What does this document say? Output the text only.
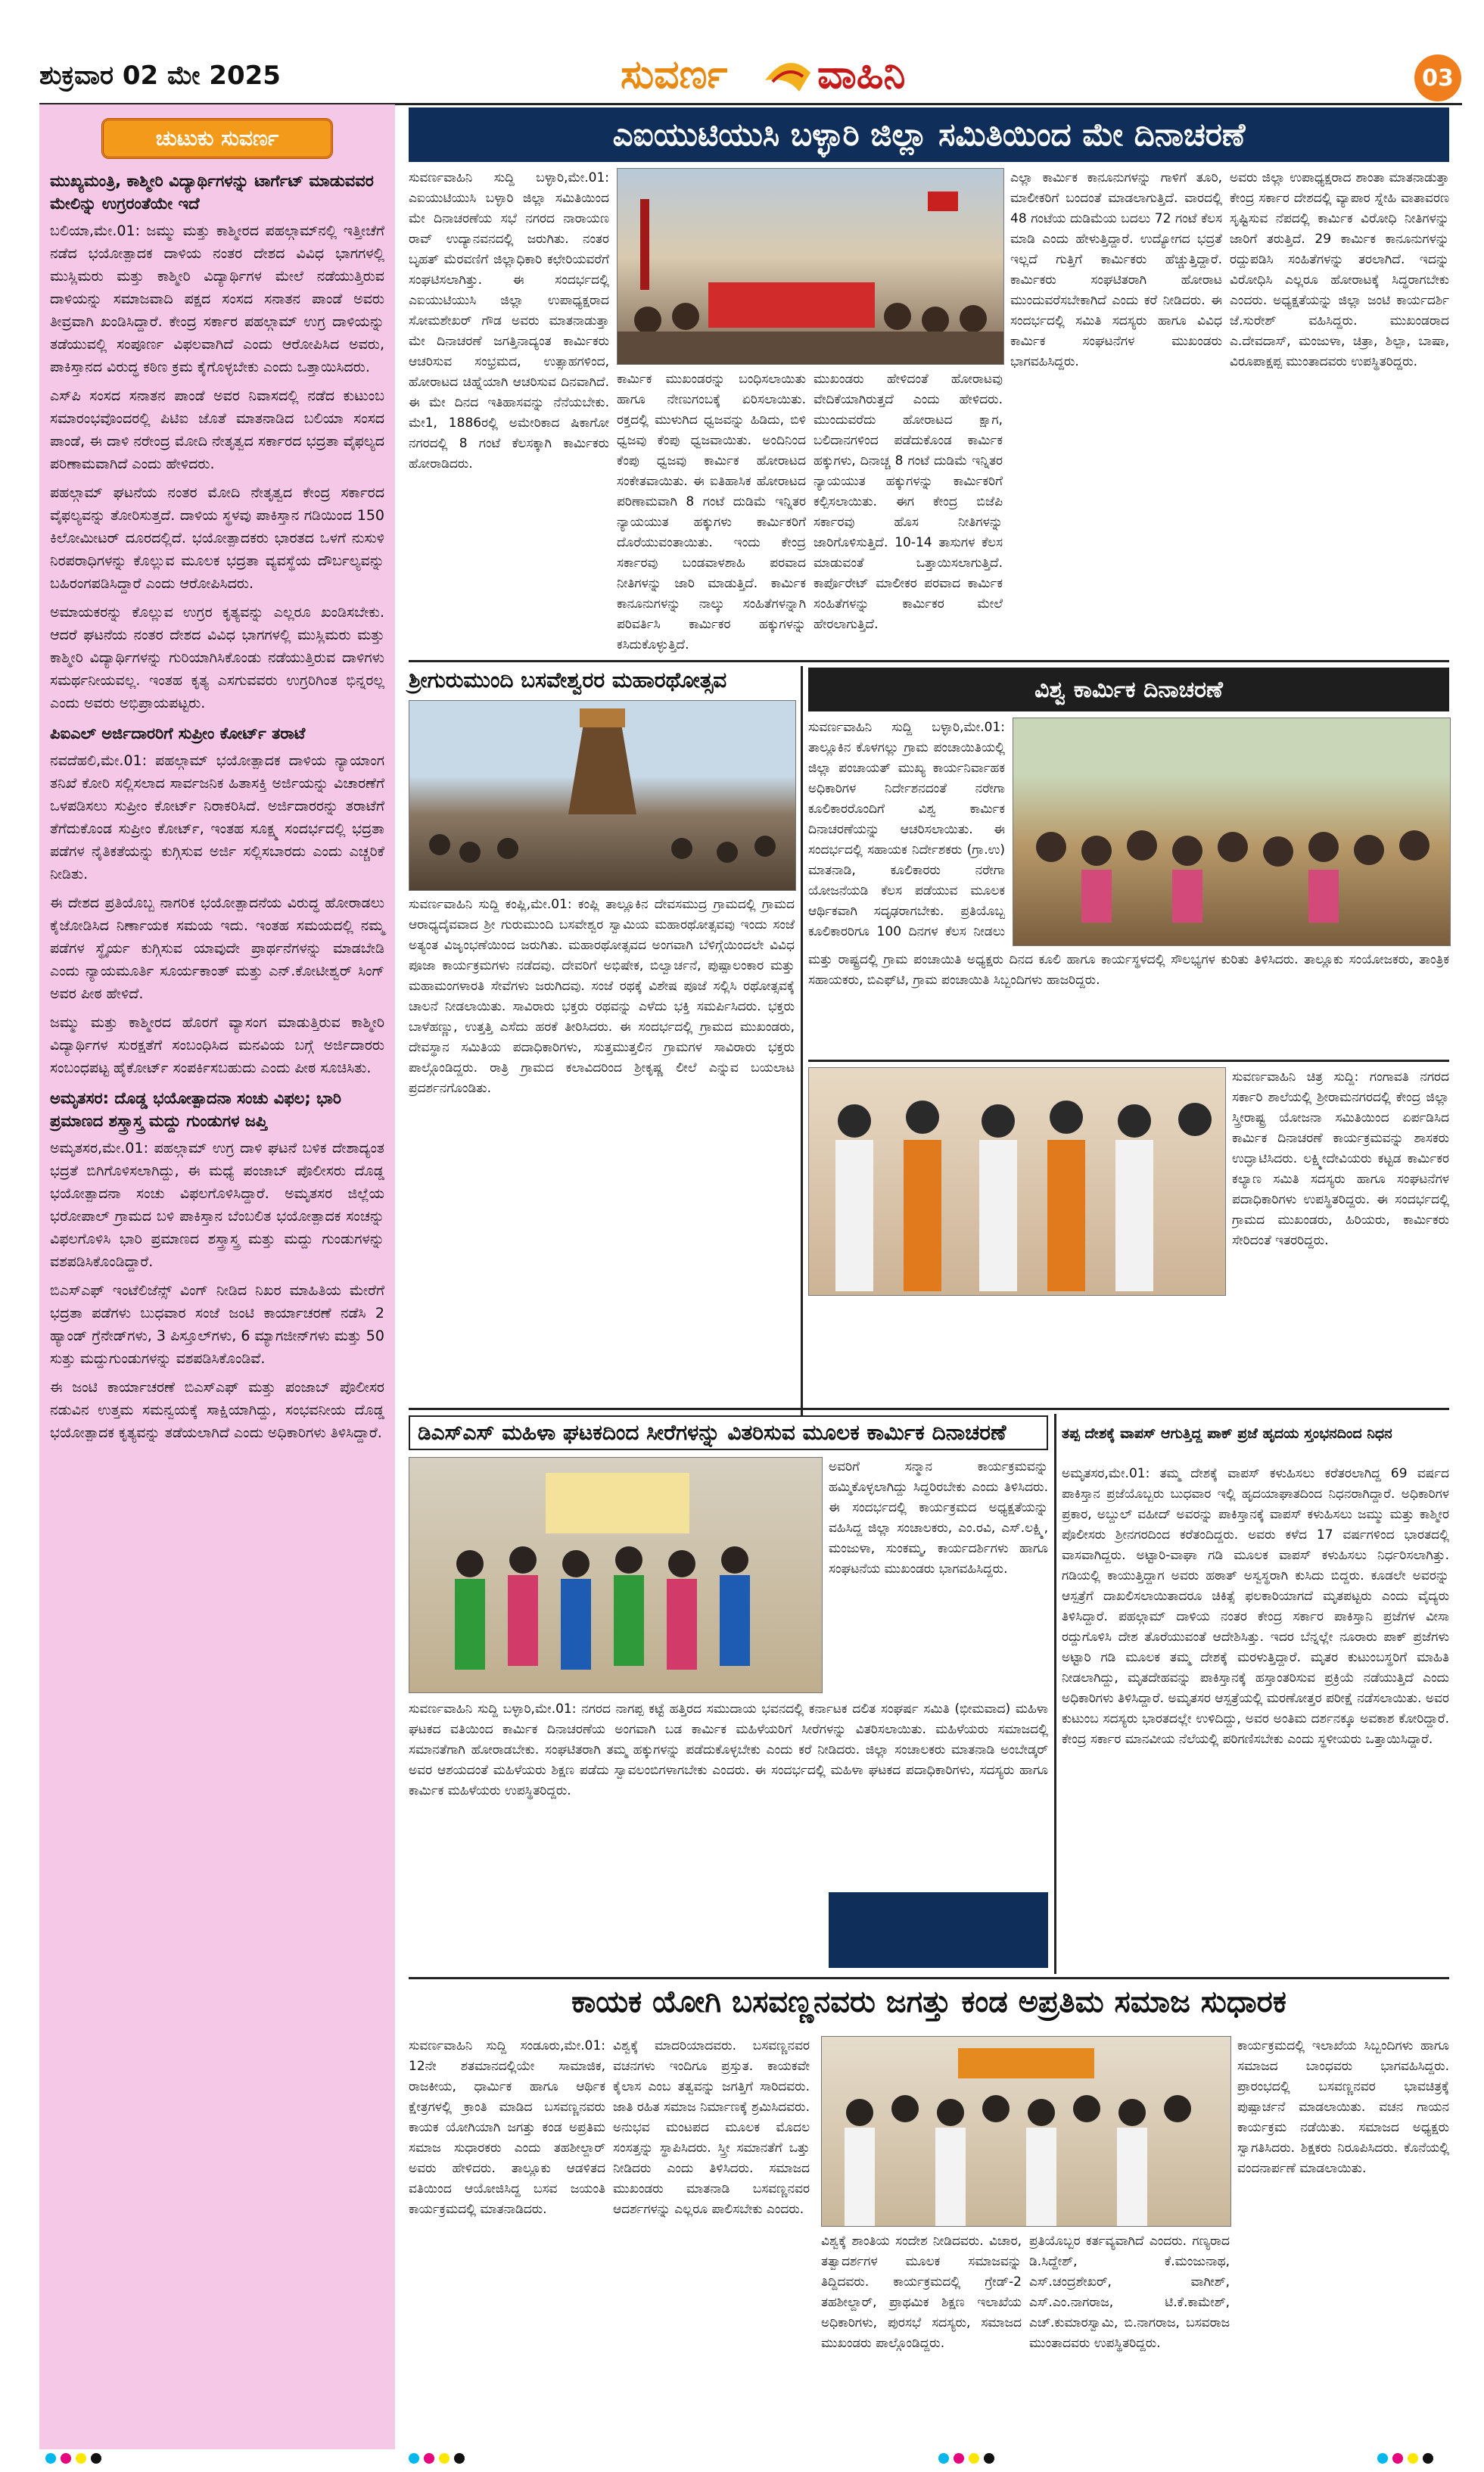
ಶುಕ್ರವಾರ 02 ಮೇ 2025	ಸುವರ್ಣ ವಾಹಿನಿ	03
ಚುಟುಕು ಸುವರ್ಣ
ಮುಖ್ಯಮಂತ್ರಿ, ಕಾಶ್ಮೀರಿ ವಿದ್ಯಾರ್ಥಿಗಳನ್ನು ಟಾರ್ಗೆಟ್ ಮಾಡುವವರ ಮೇಲಿನ್ನು ಉಗ್ರರಂತೆಯೇ ಇದೆ

ಬಲಿಯಾ,ಮೇ.01: ಜಮ್ಮು ಮತ್ತು ಕಾಶ್ಮೀರದ ಪಹಲ್ಗಾಮ್‌ನಲ್ಲಿ ಇತ್ತೀಚೆಗೆ ನಡೆದ ಭಯೋತ್ಪಾದಕ ದಾಳಿಯ ನಂತರ ದೇಶದ ವಿವಿಧ ಭಾಗಗಳಲ್ಲಿ ಮುಸ್ಲಿಮರು ಮತ್ತು ಕಾಶ್ಮೀರಿ ವಿದ್ಯಾರ್ಥಿಗಳ ಮೇಲೆ ನಡೆಯುತ್ತಿರುವ ದಾಳಿಯನ್ನು ಸಮಾಜವಾದಿ ಪಕ್ಷದ ಸಂಸದ ಸನಾತನ ಪಾಂಡೆ ಅವರು ತೀವ್ರವಾಗಿ ಖಂಡಿಸಿದ್ದಾರೆ. ಕೇಂದ್ರ ಸರ್ಕಾರ ಪಹಲ್ಗಾಮ್ ಉಗ್ರ ದಾಳಿಯನ್ನು ತಡೆಯುವಲ್ಲಿ ಸಂಪೂರ್ಣ ವಿಫಲವಾಗಿದೆ ಎಂದು ಆರೋಪಿಸಿದ ಅವರು, ಪಾಕಿಸ್ತಾನದ ವಿರುದ್ಧ ಕಠಿಣ ಕ್ರಮ ಕೈಗೊಳ್ಳಬೇಕು ಎಂದು ಒತ್ತಾಯಿಸಿದರು.

ಎಸ್‌ಪಿ ಸಂಸದ ಸನಾತನ ಪಾಂಡೆ ಅವರ ನಿವಾಸದಲ್ಲಿ ನಡೆದ ಕುಟುಂಬ ಸಮಾರಂಭವೊಂದರಲ್ಲಿ ಪಿಟಿಐ ಜೊತೆ ಮಾತನಾಡಿದ ಬಲಿಯಾ ಸಂಸದ ಪಾಂಡೆ, ಈ ದಾಳಿ ನರೇಂದ್ರ ಮೋದಿ ನೇತೃತ್ವದ ಸರ್ಕಾರದ ಭದ್ರತಾ ವೈಫಲ್ಯದ ಪರಿಣಾಮವಾಗಿದೆ ಎಂದು ಹೇಳಿದರು.

ಪಹಲ್ಗಾಮ್ ಘಟನೆಯ ನಂತರ ಮೋದಿ ನೇತೃತ್ವದ ಕೇಂದ್ರ ಸರ್ಕಾರದ ವೈಫಲ್ಯವನ್ನು ತೋರಿಸುತ್ತದೆ. ದಾಳಿಯ ಸ್ಥಳವು ಪಾಕಿಸ್ತಾನ ಗಡಿಯಿಂದ 150 ಕಿಲೋಮೀಟರ್ ದೂರದಲ್ಲಿದೆ. ಭಯೋತ್ಪಾದಕರು ಭಾರತದ ಒಳಗೆ ನುಸುಳಿ ನಿರಪರಾಧಿಗಳನ್ನು ಕೊಲ್ಲುವ ಮೂಲಕ ಭದ್ರತಾ ವ್ಯವಸ್ಥೆಯ ದೌರ್ಬಲ್ಯವನ್ನು ಬಹಿರಂಗಪಡಿಸಿದ್ದಾರೆ ಎಂದು ಆರೋಪಿಸಿದರು.

ಅಮಾಯಕರನ್ನು ಕೊಲ್ಲುವ ಉಗ್ರರ ಕೃತ್ಯವನ್ನು ಎಲ್ಲರೂ ಖಂಡಿಸಬೇಕು. ಆದರೆ ಘಟನೆಯ ನಂತರ ದೇಶದ ವಿವಿಧ ಭಾಗಗಳಲ್ಲಿ ಮುಸ್ಲಿಮರು ಮತ್ತು ಕಾಶ್ಮೀರಿ ವಿದ್ಯಾರ್ಥಿಗಳನ್ನು ಗುರಿಯಾಗಿಸಿಕೊಂಡು ನಡೆಯುತ್ತಿರುವ ದಾಳಿಗಳು ಸಮರ್ಥನೀಯವಲ್ಲ. ಇಂತಹ ಕೃತ್ಯ ಎಸಗುವವರು ಉಗ್ರರಿಗಿಂತ ಭಿನ್ನರಲ್ಲ ಎಂದು ಅವರು ಅಭಿಪ್ರಾಯಪಟ್ಟರು.

ಪಿಐಎಲ್ ಅರ್ಜಿದಾರರಿಗೆ ಸುಪ್ರೀಂ ಕೋರ್ಟ್ ತರಾಟೆ

ನವದೆಹಲಿ,ಮೇ.01: ಪಹಲ್ಗಾಮ್ ಭಯೋತ್ಪಾದಕ ದಾಳಿಯ ನ್ಯಾಯಾಂಗ ತನಿಖೆ ಕೋರಿ ಸಲ್ಲಿಸಲಾದ ಸಾರ್ವಜನಿಕ ಹಿತಾಸಕ್ತಿ ಅರ್ಜಿಯನ್ನು ವಿಚಾರಣೆಗೆ ಒಳಪಡಿಸಲು ಸುಪ್ರೀಂ ಕೋರ್ಟ್ ನಿರಾಕರಿಸಿದೆ. ಅರ್ಜಿದಾರರನ್ನು ತರಾಟೆಗೆ ತೆಗೆದುಕೊಂಡ ಸುಪ್ರೀಂ ಕೋರ್ಟ್, ಇಂತಹ ಸೂಕ್ಷ್ಮ ಸಂದರ್ಭದಲ್ಲಿ ಭದ್ರತಾ ಪಡೆಗಳ ನೈತಿಕತೆಯನ್ನು ಕುಗ್ಗಿಸುವ ಅರ್ಜಿ ಸಲ್ಲಿಸಬಾರದು ಎಂದು ಎಚ್ಚರಿಕೆ ನೀಡಿತು.

ಈ ದೇಶದ ಪ್ರತಿಯೊಬ್ಬ ನಾಗರಿಕ ಭಯೋತ್ಪಾದನೆಯ ವಿರುದ್ಧ ಹೋರಾಡಲು ಕೈಜೋಡಿಸಿದ ನಿರ್ಣಾಯಕ ಸಮಯ ಇದು. ಇಂತಹ ಸಮಯದಲ್ಲಿ ನಮ್ಮ ಪಡೆಗಳ ಸ್ಥೈರ್ಯ ಕುಗ್ಗಿಸುವ ಯಾವುದೇ ಪ್ರಾರ್ಥನೆಗಳನ್ನು ಮಾಡಬೇಡಿ ಎಂದು ನ್ಯಾಯಮೂರ್ತಿ ಸೂರ್ಯಕಾಂತ್ ಮತ್ತು ಎನ್.ಕೋಟೀಶ್ವರ್ ಸಿಂಗ್ ಅವರ ಪೀಠ ಹೇಳಿದೆ.

ಜಮ್ಮು ಮತ್ತು ಕಾಶ್ಮೀರದ ಹೊರಗೆ ವ್ಯಾಸಂಗ ಮಾಡುತ್ತಿರುವ ಕಾಶ್ಮೀರಿ ವಿದ್ಯಾರ್ಥಿಗಳ ಸುರಕ್ಷತೆಗೆ ಸಂಬಂಧಿಸಿದ ಮನವಿಯ ಬಗ್ಗೆ ಅರ್ಜಿದಾರರು ಸಂಬಂಧಪಟ್ಟ ಹೈಕೋರ್ಟ್ ಸಂಪರ್ಕಿಸಬಹುದು ಎಂದು ಪೀಠ ಸೂಚಿಸಿತು.

ಅಮೃತಸರ: ದೊಡ್ಡ ಭಯೋತ್ಪಾದನಾ ಸಂಚು ವಿಫಲ; ಭಾರಿ ಪ್ರಮಾಣದ ಶಸ್ತ್ರಾಸ್ತ್ರ ಮದ್ದು ಗುಂಡುಗಳ ಜಪ್ತಿ

ಅಮೃತಸರ,ಮೇ.01: ಪಹಲ್ಗಾಮ್ ಉಗ್ರ ದಾಳಿ ಘಟನೆ ಬಳಿಕ ದೇಶಾದ್ಯಂತ ಭದ್ರತೆ ಬಿಗಿಗೊಳಿಸಲಾಗಿದ್ದು, ಈ ಮಧ್ಯೆ ಪಂಜಾಬ್ ಪೊಲೀಸರು ದೊಡ್ಡ ಭಯೋತ್ಪಾದನಾ ಸಂಚು ವಿಫಲಗೊಳಿಸಿದ್ದಾರೆ. ಅಮೃತಸರ ಜಿಲ್ಲೆಯ ಭರೋಪಾಲ್ ಗ್ರಾಮದ ಬಳಿ ಪಾಕಿಸ್ತಾನ ಬೆಂಬಲಿತ ಭಯೋತ್ಪಾದಕ ಸಂಚನ್ನು ವಿಫಲಗೊಳಿಸಿ ಭಾರಿ ಪ್ರಮಾಣದ ಶಸ್ತ್ರಾಸ್ತ್ರ ಮತ್ತು ಮದ್ದು ಗುಂಡುಗಳನ್ನು ವಶಪಡಿಸಿಕೊಂಡಿದ್ದಾರೆ.

ಬಿಎಸ್‌ಎಫ್ ಇಂಟೆಲಿಜೆನ್ಸ್ ವಿಂಗ್ ನೀಡಿದ ನಿಖರ ಮಾಹಿತಿಯ ಮೇರೆಗೆ ಭದ್ರತಾ ಪಡೆಗಳು ಬುಧವಾರ ಸಂಜೆ ಜಂಟಿ ಕಾರ್ಯಾಚರಣೆ ನಡೆಸಿ 2 ಹ್ಯಾಂಡ್ ಗ್ರೆನೇಡ್‌ಗಳು, 3 ಪಿಸ್ತೂಲ್‌ಗಳು, 6 ಮ್ಯಾಗಜೀನ್‌ಗಳು ಮತ್ತು 50 ಸುತ್ತು ಮದ್ದುಗುಂಡುಗಳನ್ನು ವಶಪಡಿಸಿಕೊಂಡಿವೆ.

ಈ ಜಂಟಿ ಕಾರ್ಯಾಚರಣೆ ಬಿಎಸ್‌ಎಫ್ ಮತ್ತು ಪಂಜಾಬ್ ಪೊಲೀಸರ ನಡುವಿನ ಉತ್ತಮ ಸಮನ್ವಯಕ್ಕೆ ಸಾಕ್ಷಿಯಾಗಿದ್ದು, ಸಂಭವನೀಯ ದೊಡ್ಡ ಭಯೋತ್ಪಾದಕ ಕೃತ್ಯವನ್ನು ತಡೆಯಲಾಗಿದೆ ಎಂದು ಅಧಿಕಾರಿಗಳು ತಿಳಿಸಿದ್ದಾರೆ.

ಎಐಯುಟಿಯುಸಿ ಬಳ್ಳಾರಿ ಜಿಲ್ಲಾ ಸಮಿತಿಯಿಂದ ಮೇ ದಿನಾಚರಣೆ
ಸುವರ್ಣವಾಹಿನಿ ಸುದ್ದಿ ಬಳ್ಳಾರಿ,ಮೇ.01: ಎಐಯುಟಿಯುಸಿ ಬಳ್ಳಾರಿ ಜಿಲ್ಲಾ ಸಮಿತಿಯಿಂದ ಮೇ ದಿನಾಚರಣೆಯ ಸಭೆ ನಗರದ ನಾರಾಯಣ ರಾವ್ ಉದ್ಯಾನವನದಲ್ಲಿ ಜರುಗಿತು. ನಂತರ ಬೃಹತ್ ಮೆರವಣಿಗೆ ಜಿಲ್ಲಾಧಿಕಾರಿ ಕಛೇರಿಯವರೆಗೆ ಸಂಘಟಿಸಲಾಗಿತ್ತು. ಈ ಸಂದರ್ಭದಲ್ಲಿ ಎಐಯುಟಿಯುಸಿ ಜಿಲ್ಲಾ ಉಪಾಧ್ಯಕ್ಷರಾದ ಸೋಮಶೇಖರ್ ಗೌಡ ಅವರು ಮಾತನಾಡುತ್ತಾ ಮೇ ದಿನಾಚರಣೆ ಜಗತ್ತಿನಾದ್ಯಂತ ಕಾರ್ಮಿಕರು ಆಚರಿಸುವ ಸಂಭ್ರಮದ, ಉತ್ಸಾಹಗಳಿಂದ, ಹೋರಾಟದ ಚಿಹ್ನೆಯಾಗಿ ಆಚರಿಸುವ ದಿನವಾಗಿದೆ. ಈ ಮೇ ದಿನದ ಇತಿಹಾಸವನ್ನು ನೆನೆಯಬೇಕು. ಮೇ1, 1886ರಲ್ಲಿ ಅಮೇರಿಕಾದ ಷಿಕಾಗೋ ನಗರದಲ್ಲಿ 8 ಗಂಟೆ ಕೆಲಸಕ್ಕಾಗಿ ಕಾರ್ಮಿಕರು ಹೋರಾಡಿದರು.
ಕಾರ್ಮಿಕ ಮುಖಂಡರನ್ನು ಬಂಧಿಸಲಾಯಿತು ಹಾಗೂ ನೇಣುಗಂಬಕ್ಕೆ ಏರಿಸಲಾಯಿತು. ರಕ್ತದಲ್ಲಿ ಮುಳುಗಿದ ಧ್ವಜವನ್ನು ಹಿಡಿದು, ಬಿಳಿ ಧ್ವಜವು ಕೆಂಪು ಧ್ವಜವಾಯಿತು. ಅಂದಿನಿಂದ ಕೆಂಪು ಧ್ವಜವು ಕಾರ್ಮಿಕ ಹೋರಾಟದ ಸಂಕೇತವಾಯಿತು. ಈ ಐತಿಹಾಸಿಕ ಹೋರಾಟದ ಪರಿಣಾಮವಾಗಿ 8 ಗಂಟೆ ದುಡಿಮೆ ಇನ್ನಿತರ ನ್ಯಾಯಯುತ ಹಕ್ಕುಗಳು ಕಾರ್ಮಿಕರಿಗೆ ದೊರೆಯುವಂತಾಯಿತು. ಇಂದು ಕೇಂದ್ರ ಸರ್ಕಾರವು ಬಂಡವಾಳಶಾಹಿ ಪರವಾದ ನೀತಿಗಳನ್ನು ಜಾರಿ ಮಾಡುತ್ತಿದೆ. ಕಾರ್ಮಿಕ ಕಾನೂನುಗಳನ್ನು ನಾಲ್ಕು ಸಂಹಿತೆಗಳನ್ನಾಗಿ ಪರಿವರ್ತಿಸಿ ಕಾರ್ಮಿಕರ ಹಕ್ಕುಗಳನ್ನು ಕಸಿದುಕೊಳ್ಳುತ್ತಿದೆ.
ಮುಖಂಡರು ಹೇಳಿದಂತೆ ಹೋರಾಟವು ವೇದಿಕೆಯಾಗಿರುತ್ತದೆ ಎಂದು ಹೇಳಿದರು. ಮುಂದುವರೆದು ಹೋರಾಟದ ಕ್ಷಾಗ, ಬಲಿದಾನಗಳಿಂದ ಪಡೆದುಕೊಂಡ ಕಾರ್ಮಿಕ ಹಕ್ಕುಗಳು, ದಿನಾಚ್ಚ 8 ಗಂಟೆ ದುಡಿಮೆ ಇನ್ನಿತರ ನ್ಯಾಯಯುತ ಹಕ್ಕುಗಳನ್ನು ಕಾರ್ಮಿಕರಿಗೆ ಕಲ್ಪಿಸಲಾಯಿತು. ಈಗ ಕೇಂದ್ರ ಬಿಜೆಪಿ ಸರ್ಕಾರವು ಹೊಸ ನೀತಿಗಳನ್ನು ಜಾರಿಗೊಳಿಸುತ್ತಿದೆ. 10-14 ತಾಸುಗಳ ಕೆಲಸ ಮಾಡುವಂತೆ ಒತ್ತಾಯಿಸಲಾಗುತ್ತಿದೆ. ಕಾರ್ಪೊರೇಟ್ ಮಾಲೀಕರ ಪರವಾದ ಕಾರ್ಮಿಕ ಸಂಹಿತೆಗಳನ್ನು ಕಾರ್ಮಿಕರ ಮೇಲೆ ಹೇರಲಾಗುತ್ತಿದೆ.
ಎಲ್ಲಾ ಕಾರ್ಮಿಕ ಕಾನೂನುಗಳನ್ನು ಗಾಳಿಗೆ ತೂರಿ, ಮಾಲೀಕರಿಗೆ ಬಂದಂತೆ ಮಾಡಲಾಗುತ್ತಿದೆ. ವಾರದಲ್ಲಿ 48 ಗಂಟೆಯ ದುಡಿಮೆಯ ಬದಲು 72 ಗಂಟೆ ಕೆಲಸ ಮಾಡಿ ಎಂದು ಹೇಳುತ್ತಿದ್ದಾರೆ. ಉದ್ಯೋಗದ ಭದ್ರತೆ ಇಲ್ಲದೆ ಗುತ್ತಿಗೆ ಕಾರ್ಮಿಕರು ಹೆಚ್ಚುತ್ತಿದ್ದಾರೆ. ಕಾರ್ಮಿಕರು ಸಂಘಟಿತರಾಗಿ ಹೋರಾಟ ಮುಂದುವರೆಸಬೇಕಾಗಿದೆ ಎಂದು ಕರೆ ನೀಡಿದರು. ಈ ಸಂದರ್ಭದಲ್ಲಿ ಸಮಿತಿ ಸದಸ್ಯರು ಹಾಗೂ ವಿವಿಧ ಕಾರ್ಮಿಕ ಸಂಘಟನೆಗಳ ಮುಖಂಡರು ಭಾಗವಹಿಸಿದ್ದರು.
ಅವರು ಜಿಲ್ಲಾ ಉಪಾಧ್ಯಕ್ಷರಾದ ಶಾಂತಾ ಮಾತನಾಡುತ್ತಾ ಕೇಂದ್ರ ಸರ್ಕಾರ ದೇಶದಲ್ಲಿ ವ್ಯಾಪಾರ ಸ್ನೇಹಿ ವಾತಾವರಣ ಸೃಷ್ಟಿಸುವ ನೆಪದಲ್ಲಿ ಕಾರ್ಮಿಕ ವಿರೋಧಿ ನೀತಿಗಳನ್ನು ಜಾರಿಗೆ ತರುತ್ತಿದೆ. 29 ಕಾರ್ಮಿಕ ಕಾನೂನುಗಳನ್ನು ರದ್ದುಪಡಿಸಿ ಸಂಹಿತೆಗಳನ್ನು ತರಲಾಗಿದೆ. ಇದನ್ನು ವಿರೋಧಿಸಿ ಎಲ್ಲರೂ ಹೋರಾಟಕ್ಕೆ ಸಿದ್ಧರಾಗಬೇಕು ಎಂದರು. ಅಧ್ಯಕ್ಷತೆಯನ್ನು ಜಿಲ್ಲಾ ಜಂಟಿ ಕಾರ್ಯದರ್ಶಿ ಜೆ.ಸುರೇಶ್ ವಹಿಸಿದ್ದರು. ಮುಖಂಡರಾದ ಎ.ದೇವದಾಸ್, ಮಂಜುಳಾ, ಚಿತ್ರಾ, ಶಿಲ್ಪಾ, ಬಾಷಾ, ವಿರೂಪಾಕ್ಷಪ್ಪ ಮುಂತಾದವರು ಉಪಸ್ಥಿತರಿದ್ದರು.
ಶ್ರೀಗುರುಮುಂದಿ ಬಸವೇಶ್ವರರ ಮಹಾರಥೋತ್ಸವ
ಸುವರ್ಣವಾಹಿನಿ ಸುದ್ದಿ ಕಂಪ್ಲಿ,ಮೇ.01: ಕಂಪ್ಲಿ ತಾಲ್ಲೂಕಿನ ದೇವಸಮುದ್ರ ಗ್ರಾಮದಲ್ಲಿ ಗ್ರಾಮದ ಆರಾಧ್ಯದೈವವಾದ ಶ್ರೀ ಗುರುಮುಂದಿ ಬಸವೇಶ್ವರ ಸ್ವಾಮಿಯ ಮಹಾರಥೋತ್ಸವವು ಇಂದು ಸಂಜೆ ಅತ್ಯಂತ ವಿಜೃಂಭಣೆಯಿಂದ ಜರುಗಿತು. ಮಹಾರಥೋತ್ಸವದ ಅಂಗವಾಗಿ ಬೆಳಿಗ್ಗೆಯಿಂದಲೇ ವಿವಿಧ ಪೂಜಾ ಕಾರ್ಯಕ್ರಮಗಳು ನಡೆದವು. ದೇವರಿಗೆ ಅಭಿಷೇಕ, ಬಿಲ್ವಾರ್ಚನೆ, ಪುಷ್ಪಾಲಂಕಾರ ಮತ್ತು ಮಹಾಮಂಗಳಾರತಿ ಸೇವೆಗಳು ಜರುಗಿದವು. ಸಂಜೆ ರಥಕ್ಕೆ ವಿಶೇಷ ಪೂಜೆ ಸಲ್ಲಿಸಿ ರಥೋತ್ಸವಕ್ಕೆ ಚಾಲನೆ ನೀಡಲಾಯಿತು. ಸಾವಿರಾರು ಭಕ್ತರು ರಥವನ್ನು ಎಳೆದು ಭಕ್ತಿ ಸಮರ್ಪಿಸಿದರು. ಭಕ್ತರು ಬಾಳೆಹಣ್ಣು, ಉತ್ತತ್ತಿ ಎಸೆದು ಹರಕೆ ತೀರಿಸಿದರು. ಈ ಸಂದರ್ಭದಲ್ಲಿ ಗ್ರಾಮದ ಮುಖಂಡರು, ದೇವಸ್ಥಾನ ಸಮಿತಿಯ ಪದಾಧಿಕಾರಿಗಳು, ಸುತ್ತಮುತ್ತಲಿನ ಗ್ರಾಮಗಳ ಸಾವಿರಾರು ಭಕ್ತರು ಪಾಲ್ಗೊಂಡಿದ್ದರು. ರಾತ್ರಿ ಗ್ರಾಮದ ಕಲಾವಿದರಿಂದ ಶ್ರೀಕೃಷ್ಣ ಲೀಲೆ ಎನ್ನುವ ಬಯಲಾಟ ಪ್ರದರ್ಶನಗೊಂಡಿತು.
ವಿಶ್ವ ಕಾರ್ಮಿಕ ದಿನಾಚರಣೆ
ಸುವರ್ಣವಾಹಿನಿ ಸುದ್ದಿ ಬಳ್ಳಾರಿ,ಮೇ.01: ತಾಲ್ಲೂಕಿನ ಕೊಳಗಲ್ಲು ಗ್ರಾಮ ಪಂಚಾಯಿತಿಯಲ್ಲಿ ಜಿಲ್ಲಾ ಪಂಚಾಯತ್ ಮುಖ್ಯ ಕಾರ್ಯನಿರ್ವಾಹಕ ಅಧಿಕಾರಿಗಳ ನಿರ್ದೇಶನದಂತೆ ನರೇಗಾ ಕೂಲಿಕಾರರೊಂದಿಗೆ ವಿಶ್ವ ಕಾರ್ಮಿಕ ದಿನಾಚರಣೆಯನ್ನು ಆಚರಿಸಲಾಯಿತು. ಈ ಸಂದರ್ಭದಲ್ಲಿ ಸಹಾಯಕ ನಿರ್ದೇಶಕರು (ಗ್ರಾ.ಉ) ಮಾತನಾಡಿ, ಕೂಲಿಕಾರರು ನರೇಗಾ ಯೋಜನೆಯಡಿ ಕೆಲಸ ಪಡೆಯುವ ಮೂಲಕ ಆರ್ಥಿಕವಾಗಿ ಸದೃಢರಾಗಬೇಕು. ಪ್ರತಿಯೊಬ್ಬ ಕೂಲಿಕಾರರಿಗೂ 100 ದಿನಗಳ ಕೆಲಸ ನೀಡಲು
ಮತ್ತು ರಾಷ್ಟ್ರದಲ್ಲಿ ಗ್ರಾಮ ಪಂಚಾಯಿತಿ ಅಧ್ಯಕ್ಷರು ದಿನದ ಕೂಲಿ ಹಾಗೂ ಕಾರ್ಯಸ್ಥಳದಲ್ಲಿ ಸೌಲಭ್ಯಗಳ ಕುರಿತು ತಿಳಿಸಿದರು. ತಾಲ್ಲೂಕು ಸಂಯೋಜಕರು, ತಾಂತ್ರಿಕ ಸಹಾಯಕರು, ಬಿಎಫ್‌ಟಿ, ಗ್ರಾಮ ಪಂಚಾಯಿತಿ ಸಿಬ್ಬಂದಿಗಳು ಹಾಜರಿದ್ದರು.
ಸುವರ್ಣವಾಹಿನಿ ಚಿತ್ರ ಸುದ್ದಿ: ಗಂಗಾವತಿ ನಗರದ ಸರ್ಕಾರಿ ಶಾಲೆಯಲ್ಲಿ ಶ್ರೀರಾಮನಗರದಲ್ಲಿ ಕೇಂದ್ರ ಜಿಲ್ಲಾ ಸ್ತ್ರೀರಾಷ್ಟ್ರ ಯೋಜನಾ ಸಮಿತಿಯಿಂದ ಏರ್ಪಡಿಸಿದ ಕಾರ್ಮಿಕ ದಿನಾಚರಣೆ ಕಾರ್ಯಕ್ರಮವನ್ನು ಶಾಸಕರು ಉದ್ಘಾಟಿಸಿದರು. ಲಕ್ಷ್ಮೀದೇವಿಯರು ಕಟ್ಟಡ ಕಾರ್ಮಿಕರ ಕಲ್ಯಾಣ ಸಮಿತಿ ಸದಸ್ಯರು ಹಾಗೂ ಸಂಘಟನೆಗಳ ಪದಾಧಿಕಾರಿಗಳು ಉಪಸ್ಥಿತರಿದ್ದರು. ಈ ಸಂದರ್ಭದಲ್ಲಿ ಗ್ರಾಮದ ಮುಖಂಡರು, ಹಿರಿಯರು, ಕಾರ್ಮಿಕರು ಸೇರಿದಂತೆ ಇತರರಿದ್ದರು.
ಡಿಎಸ್‌ಎಸ್ ಮಹಿಳಾ ಘಟಕದಿಂದ ಸೀರೆಗಳನ್ನು ವಿತರಿಸುವ ಮೂಲಕ ಕಾರ್ಮಿಕ ದಿನಾಚರಣೆ
ಅವರಿಗೆ ಸನ್ಮಾನ ಕಾರ್ಯಕ್ರಮವನ್ನು ಹಮ್ಮಿಕೊಳ್ಳಲಾಗಿದ್ದು ಸಿದ್ಧರಿರಬೇಕು ಎಂದು ತಿಳಿಸಿದರು. ಈ ಸಂದರ್ಭದಲ್ಲಿ ಕಾರ್ಯಕ್ರಮದ ಅಧ್ಯಕ್ಷತೆಯನ್ನು ವಹಿಸಿದ್ದ ಜಿಲ್ಲಾ ಸಂಚಾಲಕರು, ಎಂ.ರವಿ, ಎಸ್.ಲಕ್ಷ್ಮಿ, ಮಂಜುಳಾ, ಸುಂಕಮ್ಮ, ಕಾರ್ಯದರ್ಶಿಗಳು ಹಾಗೂ ಸಂಘಟನೆಯ ಮುಖಂಡರು ಭಾಗವಹಿಸಿದ್ದರು.
ಸುವರ್ಣವಾಹಿನಿ ಸುದ್ದಿ ಬಳ್ಳಾರಿ,ಮೇ.01: ನಗರದ ನಾಗಪ್ಪ ಕಟ್ಟೆ ಹತ್ತಿರದ ಸಮುದಾಯ ಭವನದಲ್ಲಿ ಕರ್ನಾಟಕ ದಲಿತ ಸಂಘರ್ಷ ಸಮಿತಿ (ಭೀಮವಾದ) ಮಹಿಳಾ ಘಟಕದ ವತಿಯಿಂದ ಕಾರ್ಮಿಕ ದಿನಾಚರಣೆಯ ಅಂಗವಾಗಿ ಬಡ ಕಾರ್ಮಿಕ ಮಹಿಳೆಯರಿಗೆ ಸೀರೆಗಳನ್ನು ವಿತರಿಸಲಾಯಿತು. ಮಹಿಳೆಯರು ಸಮಾಜದಲ್ಲಿ ಸಮಾನತೆಗಾಗಿ ಹೋರಾಡಬೇಕು. ಸಂಘಟಿತರಾಗಿ ತಮ್ಮ ಹಕ್ಕುಗಳನ್ನು ಪಡೆದುಕೊಳ್ಳಬೇಕು ಎಂದು ಕರೆ ನೀಡಿದರು. ಜಿಲ್ಲಾ ಸಂಚಾಲಕರು ಮಾತನಾಡಿ ಅಂಬೇಡ್ಕರ್ ಅವರ ಆಶಯದಂತೆ ಮಹಿಳೆಯರು ಶಿಕ್ಷಣ ಪಡೆದು ಸ್ವಾವಲಂಬಿಗಳಾಗಬೇಕು ಎಂದರು. ಈ ಸಂದರ್ಭದಲ್ಲಿ ಮಹಿಳಾ ಘಟಕದ ಪದಾಧಿಕಾರಿಗಳು, ಸದಸ್ಯರು ಹಾಗೂ ಕಾರ್ಮಿಕ ಮಹಿಳೆಯರು ಉಪಸ್ಥಿತರಿದ್ದರು.
ತಪ್ಪ ದೇಶಕ್ಕೆ ವಾಪಸ್ ಆಗುತ್ತಿದ್ದ ಪಾಕ್ ಪ್ರಜೆ ಹೃದಯ ಸ್ತಂಭನದಿಂದ ನಿಧನ
ಅಮೃತಸರ,ಮೇ.01: ತಮ್ಮ ದೇಶಕ್ಕೆ ವಾಪಸ್ ಕಳುಹಿಸಲು ಕರೆತರಲಾಗಿದ್ದ 69 ವರ್ಷದ ಪಾಕಿಸ್ತಾನ ಪ್ರಜೆಯೊಬ್ಬರು ಬುಧವಾರ ಇಲ್ಲಿ ಹೃದಯಾಘಾತದಿಂದ ನಿಧನರಾಗಿದ್ದಾರೆ. ಅಧಿಕಾರಿಗಳ ಪ್ರಕಾರ, ಅಬ್ದುಲ್ ವಹೀದ್ ಅವರನ್ನು ಪಾಕಿಸ್ತಾನಕ್ಕೆ ವಾಪಸ್ ಕಳುಹಿಸಲು ಜಮ್ಮು ಮತ್ತು ಕಾಶ್ಮೀರ ಪೊಲೀಸರು ಶ್ರೀನಗರದಿಂದ ಕರೆತಂದಿದ್ದರು. ಅವರು ಕಳೆದ 17 ವರ್ಷಗಳಿಂದ ಭಾರತದಲ್ಲಿ ವಾಸವಾಗಿದ್ದರು. ಅಟ್ಟಾರಿ-ವಾಘಾ ಗಡಿ ಮೂಲಕ ವಾಪಸ್ ಕಳುಹಿಸಲು ನಿರ್ಧರಿಸಲಾಗಿತ್ತು. ಗಡಿಯಲ್ಲಿ ಕಾಯುತ್ತಿದ್ದಾಗ ಅವರು ಹಠಾತ್ ಅಸ್ವಸ್ಥರಾಗಿ ಕುಸಿದು ಬಿದ್ದರು. ಕೂಡಲೇ ಅವರನ್ನು ಆಸ್ಪತ್ರೆಗೆ ದಾಖಲಿಸಲಾಯಿತಾದರೂ ಚಿಕಿತ್ಸೆ ಫಲಕಾರಿಯಾಗದೆ ಮೃತಪಟ್ಟರು ಎಂದು ವೈದ್ಯರು ತಿಳಿಸಿದ್ದಾರೆ. ಪಹಲ್ಗಾಮ್ ದಾಳಿಯ ನಂತರ ಕೇಂದ್ರ ಸರ್ಕಾರ ಪಾಕಿಸ್ತಾನಿ ಪ್ರಜೆಗಳ ವೀಸಾ ರದ್ದುಗೊಳಿಸಿ ದೇಶ ತೊರೆಯುವಂತೆ ಆದೇಶಿಸಿತ್ತು. ಇದರ ಬೆನ್ನಲ್ಲೇ ನೂರಾರು ಪಾಕ್ ಪ್ರಜೆಗಳು ಅಟ್ಟಾರಿ ಗಡಿ ಮೂಲಕ ತಮ್ಮ ದೇಶಕ್ಕೆ ಮರಳುತ್ತಿದ್ದಾರೆ. ಮೃತರ ಕುಟುಂಬಸ್ಥರಿಗೆ ಮಾಹಿತಿ ನೀಡಲಾಗಿದ್ದು, ಮೃತದೇಹವನ್ನು ಪಾಕಿಸ್ತಾನಕ್ಕೆ ಹಸ್ತಾಂತರಿಸುವ ಪ್ರಕ್ರಿಯೆ ನಡೆಯುತ್ತಿದೆ ಎಂದು ಅಧಿಕಾರಿಗಳು ತಿಳಿಸಿದ್ದಾರೆ. ಅಮೃತಸರ ಆಸ್ಪತ್ರೆಯಲ್ಲಿ ಮರಣೋತ್ತರ ಪರೀಕ್ಷೆ ನಡೆಸಲಾಯಿತು. ಅವರ ಕುಟುಂಬ ಸದಸ್ಯರು ಭಾರತದಲ್ಲೇ ಉಳಿದಿದ್ದು, ಅವರ ಅಂತಿಮ ದರ್ಶನಕ್ಕೂ ಅವಕಾಶ ಕೋರಿದ್ದಾರೆ. ಕೇಂದ್ರ ಸರ್ಕಾರ ಮಾನವೀಯ ನೆಲೆಯಲ್ಲಿ ಪರಿಗಣಿಸಬೇಕು ಎಂದು ಸ್ಥಳೀಯರು ಒತ್ತಾಯಿಸಿದ್ದಾರೆ.
ಕಾಯಕ ಯೋಗಿ ಬಸವಣ್ಣನವರು ಜಗತ್ತು ಕಂಡ ಅಪ್ರತಿಮ ಸಮಾಜ ಸುಧಾರಕ
ಸುವರ್ಣವಾಹಿನಿ ಸುದ್ದಿ ಸಂಡೂರು,ಮೇ.01: 12ನೇ ಶತಮಾನದಲ್ಲಿಯೇ ಸಾಮಾಜಿಕ, ರಾಜಕೀಯ, ಧಾರ್ಮಿಕ ಹಾಗೂ ಆರ್ಥಿಕ ಕ್ಷೇತ್ರಗಳಲ್ಲಿ ಕ್ರಾಂತಿ ಮಾಡಿದ ಬಸವಣ್ಣನವರು ಕಾಯಕ ಯೋಗಿಯಾಗಿ ಜಗತ್ತು ಕಂಡ ಅಪ್ರತಿಮ ಸಮಾಜ ಸುಧಾರಕರು ಎಂದು ತಹಶೀಲ್ದಾರ್ ಅವರು ಹೇಳಿದರು. ತಾಲ್ಲೂಕು ಆಡಳಿತದ ವತಿಯಿಂದ ಆಯೋಜಿಸಿದ್ದ ಬಸವ ಜಯಂತಿ ಕಾರ್ಯಕ್ರಮದಲ್ಲಿ ಮಾತನಾಡಿದರು.
ವಿಶ್ವಕ್ಕೆ ಮಾದರಿಯಾದವರು. ಬಸವಣ್ಣನವರ ವಚನಗಳು ಇಂದಿಗೂ ಪ್ರಸ್ತುತ. ಕಾಯಕವೇ ಕೈಲಾಸ ಎಂಬ ತತ್ವವನ್ನು ಜಗತ್ತಿಗೆ ಸಾರಿದವರು. ಜಾತಿ ರಹಿತ ಸಮಾಜ ನಿರ್ಮಾಣಕ್ಕೆ ಶ್ರಮಿಸಿದವರು. ಅನುಭವ ಮಂಟಪದ ಮೂಲಕ ಮೊದಲ ಸಂಸತ್ತನ್ನು ಸ್ಥಾಪಿಸಿದರು. ಸ್ತ್ರೀ ಸಮಾನತೆಗೆ ಒತ್ತು ನೀಡಿದರು ಎಂದು ತಿಳಿಸಿದರು. ಸಮಾಜದ ಮುಖಂಡರು ಮಾತನಾಡಿ ಬಸವಣ್ಣನವರ ಆದರ್ಶಗಳನ್ನು ಎಲ್ಲರೂ ಪಾಲಿಸಬೇಕು ಎಂದರು.
ವಿಶ್ವಕ್ಕೆ ಶಾಂತಿಯ ಸಂದೇಶ ನೀಡಿದವರು. ವಿಚಾರ, ತತ್ವಾದರ್ಶಗಳ ಮೂಲಕ ಸಮಾಜವನ್ನು ತಿದ್ದಿದವರು. ಕಾರ್ಯಕ್ರಮದಲ್ಲಿ ಗ್ರೇಡ್-2 ತಹಶೀಲ್ದಾರ್, ಪ್ರಾಥಮಿಕ ಶಿಕ್ಷಣ ಇಲಾಖೆಯ ಅಧಿಕಾರಿಗಳು, ಪುರಸಭೆ ಸದಸ್ಯರು, ಸಮಾಜದ ಮುಖಂಡರು ಪಾಲ್ಗೊಂಡಿದ್ದರು.
ಪ್ರತಿಯೊಬ್ಬರ ಕರ್ತವ್ಯವಾಗಿದೆ ಎಂದರು. ಗಣ್ಯರಾದ ಡಿ.ಸಿದ್ದೇಶ್, ಕೆ.ಮಂಜುನಾಥ, ಎಸ್.ಚಂದ್ರಶೇಖರ್, ವಾಗೀಶ್, ಎಸ್.ಎಂ.ನಾಗರಾಜ, ಟಿ.ಕೆ.ಕಾಮೇಶ್, ಎಚ್.ಕುಮಾರಸ್ವಾಮಿ, ಬಿ.ನಾಗರಾಜ, ಬಸವರಾಜ ಮುಂತಾದವರು ಉಪಸ್ಥಿತರಿದ್ದರು.
ಕಾರ್ಯಕ್ರಮದಲ್ಲಿ ಇಲಾಖೆಯ ಸಿಬ್ಬಂದಿಗಳು ಹಾಗೂ ಸಮಾಜದ ಬಾಂಧವರು ಭಾಗವಹಿಸಿದ್ದರು. ಪ್ರಾರಂಭದಲ್ಲಿ ಬಸವಣ್ಣನವರ ಭಾವಚಿತ್ರಕ್ಕೆ ಪುಷ್ಪಾರ್ಚನೆ ಮಾಡಲಾಯಿತು. ವಚನ ಗಾಯನ ಕಾರ್ಯಕ್ರಮ ನಡೆಯಿತು. ಸಮಾಜದ ಅಧ್ಯಕ್ಷರು ಸ್ವಾಗತಿಸಿದರು. ಶಿಕ್ಷಕರು ನಿರೂಪಿಸಿದರು. ಕೊನೆಯಲ್ಲಿ ವಂದನಾರ್ಪಣೆ ಮಾಡಲಾಯಿತು.
